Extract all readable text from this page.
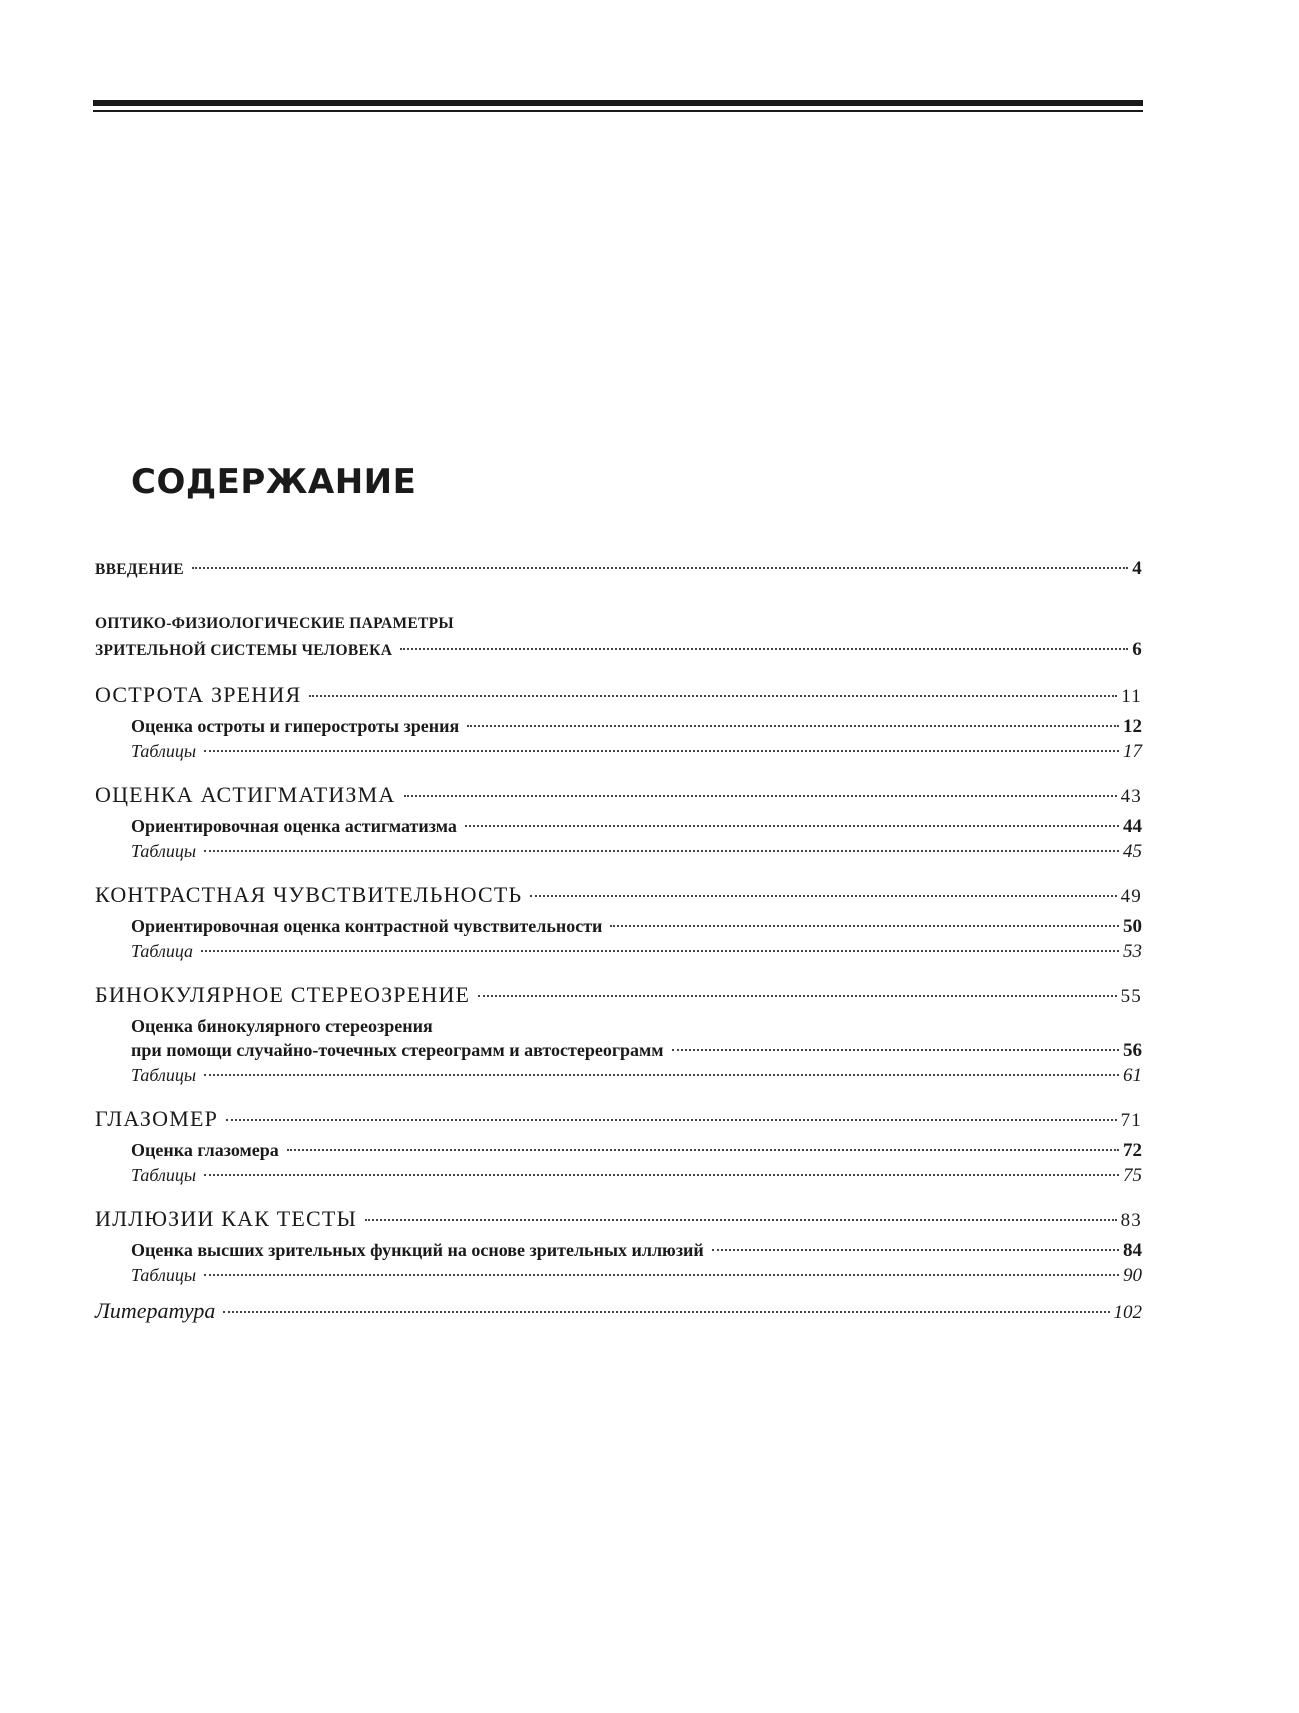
СОДЕРЖАНИЕ
ВВЕДЕНИЕ	4
ОПТИКО-ФИЗИОЛОГИЧЕСКИЕ ПАРАМЕТРЫ
ЗРИТЕЛЬНОЙ СИСТЕМЫ ЧЕЛОВЕКА	6
ОСТРОТА ЗРЕНИЯ	11
Оценка остроты и гиперостроты зрения	12
Таблицы	17
ОЦЕНКА АСТИГМАТИЗМА	43
Ориентировочная оценка астигматизма	44
Таблицы	45
КОНТРАСТНАЯ ЧУВСТВИТЕЛЬНОСТЬ	49
Ориентировочная оценка контрастной чувствительности	50
Таблица	53
БИНОКУЛЯРНОЕ СТЕРЕОЗРЕНИЕ	55
Оценка бинокулярного стереозрения
при помощи случайно-точечных стереограмм и автостереограмм	56
Таблицы	61
ГЛАЗОМЕР	71
Оценка глазомера	72
Таблицы	75
ИЛЛЮЗИИ КАК ТЕСТЫ	83
Оценка высших зрительных функций на основе зрительных иллюзий	84
Таблицы	90
Литература	102
